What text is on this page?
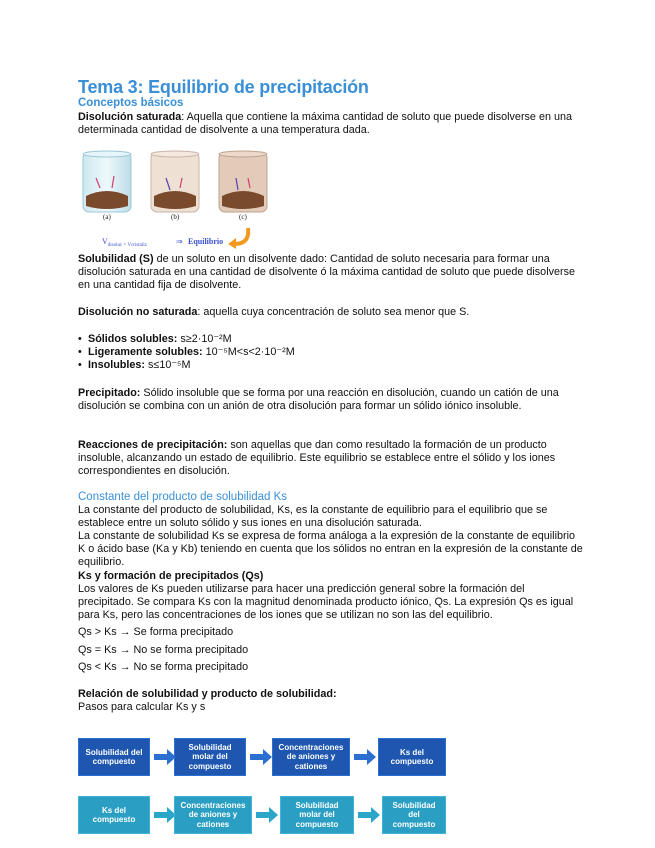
Tema 3: Equilibrio de precipitación
Conceptos básicos
Disolución saturada: Aquella que contiene la máxima cantidad de soluto que puede disolverse en una determinada cantidad de disolvente a una temperatura dada.
(a)	(b)	(c)
$V_{disoluc = V}cristaliz$	⇒ Equilibrio
Solubilidad (S) de un soluto en un disolvente dado: Cantidad de soluto necesaria para formar una disolución saturada en una cantidad de disolvente ó la máxima cantidad de soluto que puede disolverse en una cantidad fija de disolvente.
Disolución no saturada: aquella cuya concentración de soluto sea menor que S.
• Sólidos solubles: s≥2·10⁻²M
• Ligeramente solubles: 10⁻⁵M<s<2·10⁻²M
• Insolubles: s≤10⁻⁵M
Precipitado: Sólido insoluble que se forma por una reacción en disolución, cuando un catión de una disolución se combina con un anión de otra disolución para formar un sólido iónico insoluble.
Reacciones de precipitación: son aquellas que dan como resultado la formación de un producto insoluble, alcanzando un estado de equilibrio. Este equilibrio se establece entre el sólido y los iones correspondientes en disolución.
Constante del producto de solubilidad Ks
La constante del producto de solubilidad, Ks, es la constante de equilibrio para el equilibrio que se establece entre un soluto sólido y sus iones en una disolución saturada.
La constante de solubilidad Ks se expresa de forma análoga a la expresión de la constante de equilibrio K o ácido base (Ka y Kb) teniendo en cuenta que los sólidos no entran en la expresión de la constante de equilibrio.
Ks y formación de precipitados (Qs)
Los valores de Ks pueden utilizarse para hacer una predicción general sobre la formación del precipitado. Se compara Ks con la magnitud denominada producto iónico, Qs. La expresión Qs es igual para Ks, pero las concentraciones de los iones que se utilizan no son las del equilibrio.
Qs > Ks → Se forma precipitado
Qs = Ks → No se forma precipitado
Qs < Ks → No se forma precipitado
Relación de solubilidad y producto de solubilidad:
Pasos para calcular Ks y s
Solubilidad del compuesto
Solubilidad molar del compuesto
Concentraciones de aniones y cationes
Ks del compuesto
Ks del compuesto
Concentraciones de aniones y cationes
Solubilidad molar del compuesto
Solubilidad del compuesto
